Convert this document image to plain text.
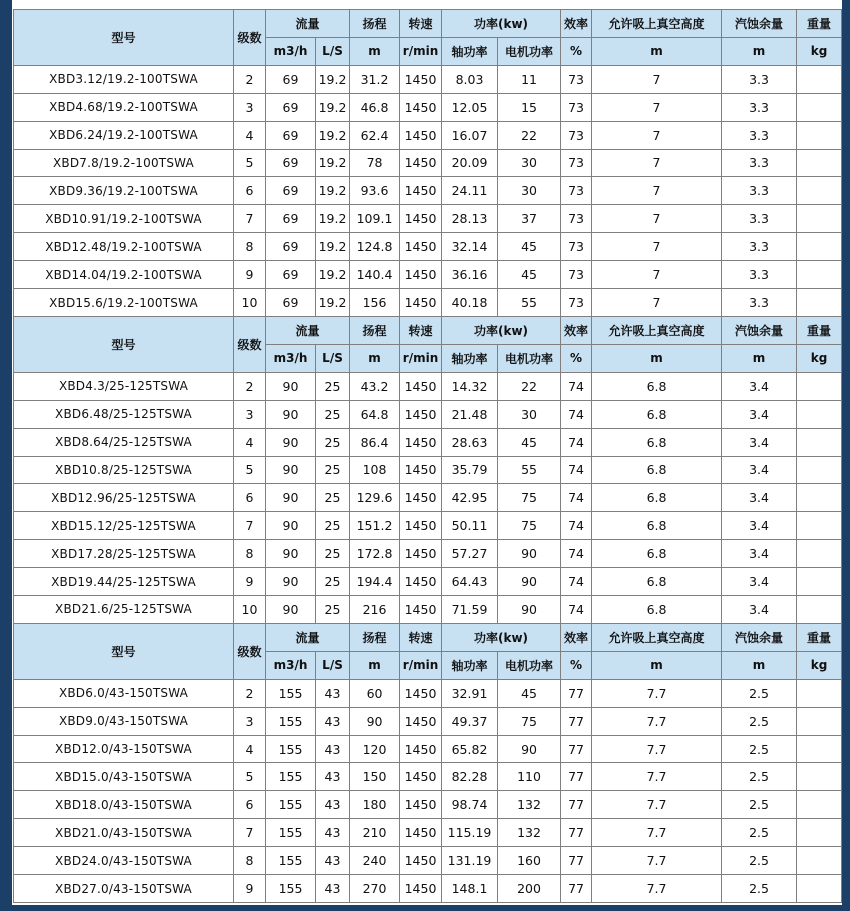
型号	级数	流量		扬程	转速	功率(kw)		效率	允许吸上真空高度	汽蚀余量	重量
		m3/h	L/S	m	r/min	轴功率	电机功率	%	m	m	kg
XBD3.12/19.2-100TSWA	2	69	19.2	31.2	1450	8.03	11	73	7	3.3	
XBD4.68/19.2-100TSWA	3	69	19.2	46.8	1450	12.05	15	73	7	3.3	
XBD6.24/19.2-100TSWA	4	69	19.2	62.4	1450	16.07	22	73	7	3.3	
XBD7.8/19.2-100TSWA	5	69	19.2	78	1450	20.09	30	73	7	3.3	
XBD9.36/19.2-100TSWA	6	69	19.2	93.6	1450	24.11	30	73	7	3.3	
XBD10.91/19.2-100TSWA	7	69	19.2	109.1	1450	28.13	37	73	7	3.3	
XBD12.48/19.2-100TSWA	8	69	19.2	124.8	1450	32.14	45	73	7	3.3	
XBD14.04/19.2-100TSWA	9	69	19.2	140.4	1450	36.16	45	73	7	3.3	
XBD15.6/19.2-100TSWA	10	69	19.2	156	1450	40.18	55	73	7	3.3	
型号	级数	流量		扬程	转速	功率(kw)		效率	允许吸上真空高度	汽蚀余量	重量
		m3/h	L/S	m	r/min	轴功率	电机功率	%	m	m	kg
XBD4.3/25-125TSWA	2	90	25	43.2	1450	14.32	22	74	6.8	3.4	
XBD6.48/25-125TSWA	3	90	25	64.8	1450	21.48	30	74	6.8	3.4	
XBD8.64/25-125TSWA	4	90	25	86.4	1450	28.63	45	74	6.8	3.4	
XBD10.8/25-125TSWA	5	90	25	108	1450	35.79	55	74	6.8	3.4	
XBD12.96/25-125TSWA	6	90	25	129.6	1450	42.95	75	74	6.8	3.4	
XBD15.12/25-125TSWA	7	90	25	151.2	1450	50.11	75	74	6.8	3.4	
XBD17.28/25-125TSWA	8	90	25	172.8	1450	57.27	90	74	6.8	3.4	
XBD19.44/25-125TSWA	9	90	25	194.4	1450	64.43	90	74	6.8	3.4	
XBD21.6/25-125TSWA	10	90	25	216	1450	71.59	90	74	6.8	3.4	
型号	级数	流量		扬程	转速	功率(kw)		效率	允许吸上真空高度	汽蚀余量	重量
		m3/h	L/S	m	r/min	轴功率	电机功率	%	m	m	kg
XBD6.0/43-150TSWA	2	155	43	60	1450	32.91	45	77	7.7	2.5	
XBD9.0/43-150TSWA	3	155	43	90	1450	49.37	75	77	7.7	2.5	
XBD12.0/43-150TSWA	4	155	43	120	1450	65.82	90	77	7.7	2.5	
XBD15.0/43-150TSWA	5	155	43	150	1450	82.28	110	77	7.7	2.5	
XBD18.0/43-150TSWA	6	155	43	180	1450	98.74	132	77	7.7	2.5	
XBD21.0/43-150TSWA	7	155	43	210	1450	115.19	132	77	7.7	2.5	
XBD24.0/43-150TSWA	8	155	43	240	1450	131.19	160	77	7.7	2.5	
XBD27.0/43-150TSWA	9	155	43	270	1450	148.1	200	77	7.7	2.5	
